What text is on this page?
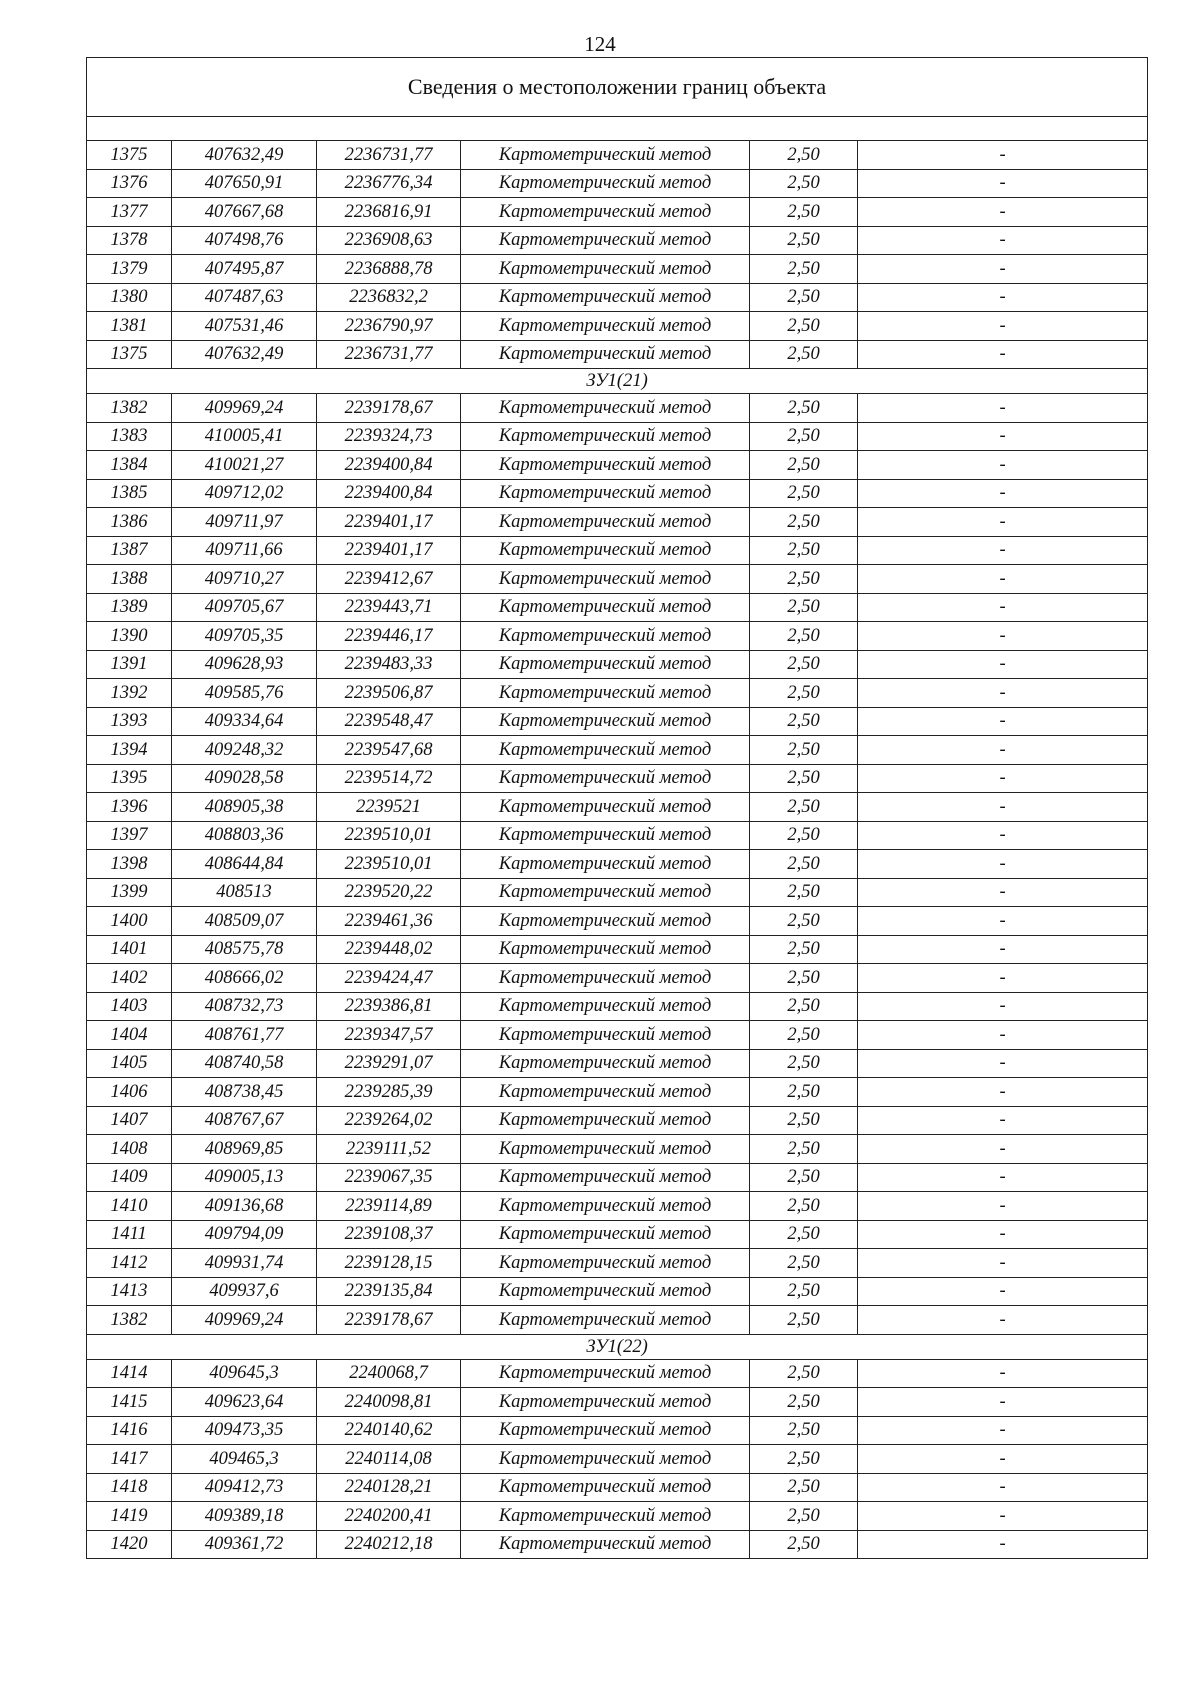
124
Сведения о местоположении границ объекта					

1375	407632,49	2236731,77	Картометрический метод	2,50	-
1376	407650,91	2236776,34	Картометрический метод	2,50	-
1377	407667,68	2236816,91	Картометрический метод	2,50	-
1378	407498,76	2236908,63	Картометрический метод	2,50	-
1379	407495,87	2236888,78	Картометрический метод	2,50	-
1380	407487,63	2236832,2	Картометрический метод	2,50	-
1381	407531,46	2236790,97	Картометрический метод	2,50	-
1375	407632,49	2236731,77	Картометрический метод	2,50	-
ЗУ1(21)					
1382	409969,24	2239178,67	Картометрический метод	2,50	-
1383	410005,41	2239324,73	Картометрический метод	2,50	-
1384	410021,27	2239400,84	Картометрический метод	2,50	-
1385	409712,02	2239400,84	Картометрический метод	2,50	-
1386	409711,97	2239401,17	Картометрический метод	2,50	-
1387	409711,66	2239401,17	Картометрический метод	2,50	-
1388	409710,27	2239412,67	Картометрический метод	2,50	-
1389	409705,67	2239443,71	Картометрический метод	2,50	-
1390	409705,35	2239446,17	Картометрический метод	2,50	-
1391	409628,93	2239483,33	Картометрический метод	2,50	-
1392	409585,76	2239506,87	Картометрический метод	2,50	-
1393	409334,64	2239548,47	Картометрический метод	2,50	-
1394	409248,32	2239547,68	Картометрический метод	2,50	-
1395	409028,58	2239514,72	Картометрический метод	2,50	-
1396	408905,38	2239521	Картометрический метод	2,50	-
1397	408803,36	2239510,01	Картометрический метод	2,50	-
1398	408644,84	2239510,01	Картометрический метод	2,50	-
1399	408513	2239520,22	Картометрический метод	2,50	-
1400	408509,07	2239461,36	Картометрический метод	2,50	-
1401	408575,78	2239448,02	Картометрический метод	2,50	-
1402	408666,02	2239424,47	Картометрический метод	2,50	-
1403	408732,73	2239386,81	Картометрический метод	2,50	-
1404	408761,77	2239347,57	Картометрический метод	2,50	-
1405	408740,58	2239291,07	Картометрический метод	2,50	-
1406	408738,45	2239285,39	Картометрический метод	2,50	-
1407	408767,67	2239264,02	Картометрический метод	2,50	-
1408	408969,85	2239111,52	Картометрический метод	2,50	-
1409	409005,13	2239067,35	Картометрический метод	2,50	-
1410	409136,68	2239114,89	Картометрический метод	2,50	-
1411	409794,09	2239108,37	Картометрический метод	2,50	-
1412	409931,74	2239128,15	Картометрический метод	2,50	-
1413	409937,6	2239135,84	Картометрический метод	2,50	-
1382	409969,24	2239178,67	Картометрический метод	2,50	-
ЗУ1(22)					
1414	409645,3	2240068,7	Картометрический метод	2,50	-
1415	409623,64	2240098,81	Картометрический метод	2,50	-
1416	409473,35	2240140,62	Картометрический метод	2,50	-
1417	409465,3	2240114,08	Картометрический метод	2,50	-
1418	409412,73	2240128,21	Картометрический метод	2,50	-
1419	409389,18	2240200,41	Картометрический метод	2,50	-
1420	409361,72	2240212,18	Картометрический метод	2,50	-
